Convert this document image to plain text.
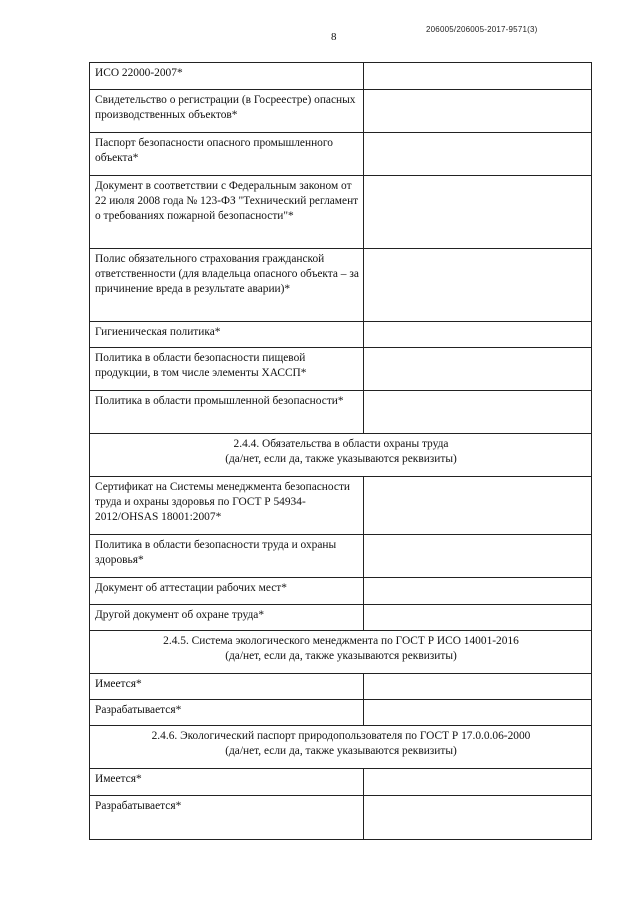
206005/206005-2017-9571(3)
8
ИСО 22000-2007*	
Свидетельство о регистрации (в Госреестре) опасных производственных объектов*	
Паспорт безопасности опасного промышленного объекта*	
Документ в соответствии с Федеральным законом от 22 июля 2008 года № 123-ФЗ "Технический регламент о требованиях пожарной безопасности"*	
Полис обязательного страхования гражданской ответственности (для владельца опасного объекта – за причинение вреда в результате аварии)*	
Гигиеническая политика*	
Политика в области безопасности пищевой продукции, в том числе элементы ХАССП*	
Политика в области промышленной безопасности*	

2.4.4. Обязательства в области охраны труда
(да/нет, если да, также указываются реквизиты)	

Сертификат на Системы менеджмента безопасности труда и охраны здоровья по ГОСТ Р 54934-2012/OHSAS 18001:2007*	
Политика в области безопасности труда и охраны здоровья*	
Документ об аттестации рабочих мест*	
Другой документ об охране труда*	

2.4.5. Система экологического менеджмента по ГОСТ Р ИСО 14001-2016
(да/нет, если да, также указываются реквизиты)	

Имеется*	
Разрабатывается*	

2.4.6. Экологический паспорт природопользователя по ГОСТ Р 17.0.0.06-2000
(да/нет, если да, также указываются реквизиты)	

Имеется*	
Разрабатывается*	
